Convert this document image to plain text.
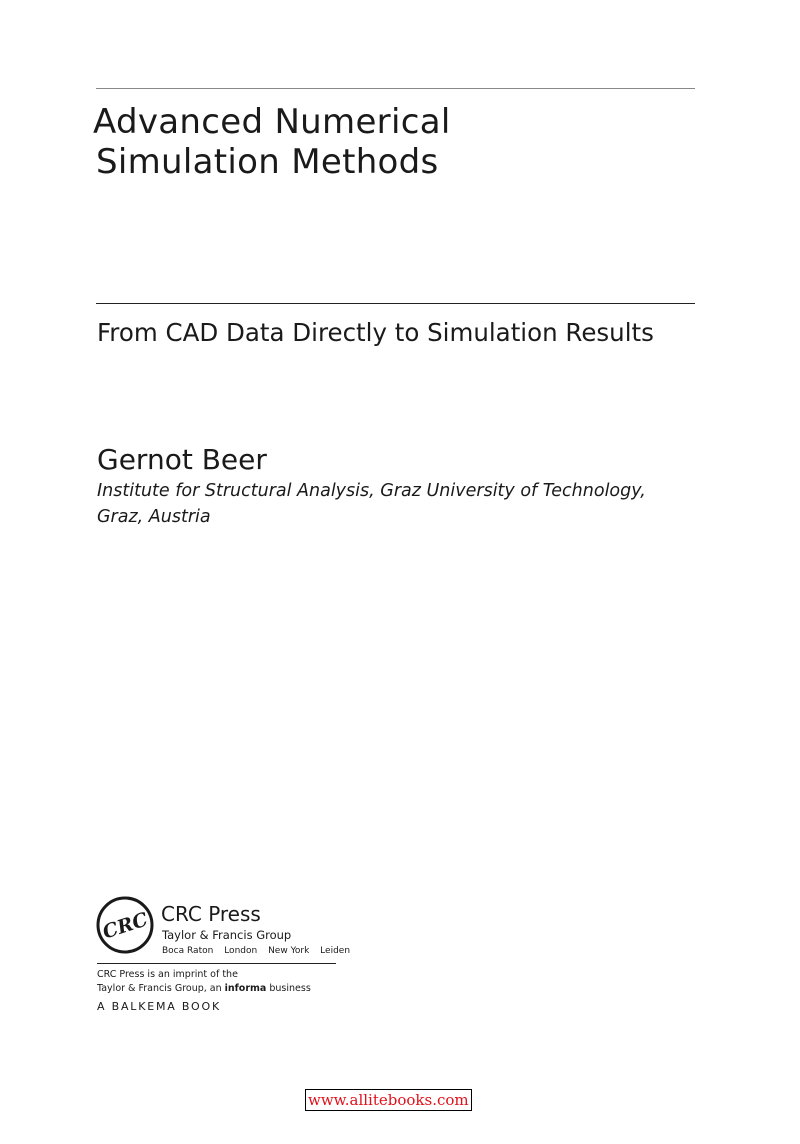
Advanced Numerical
Simulation Methods
From CAD Data Directly to Simulation Results
Gernot Beer

Institute for Structural Analysis, Graz University of Technology,
Graz, Austria

CRC CRC Press
Taylor & Francis Group
Boca Raton London New York Leiden
CRC Press is an imprint of the
Taylor & Francis Group, an informa business
A BALKEMA BOOK
www.allitebooks.com
